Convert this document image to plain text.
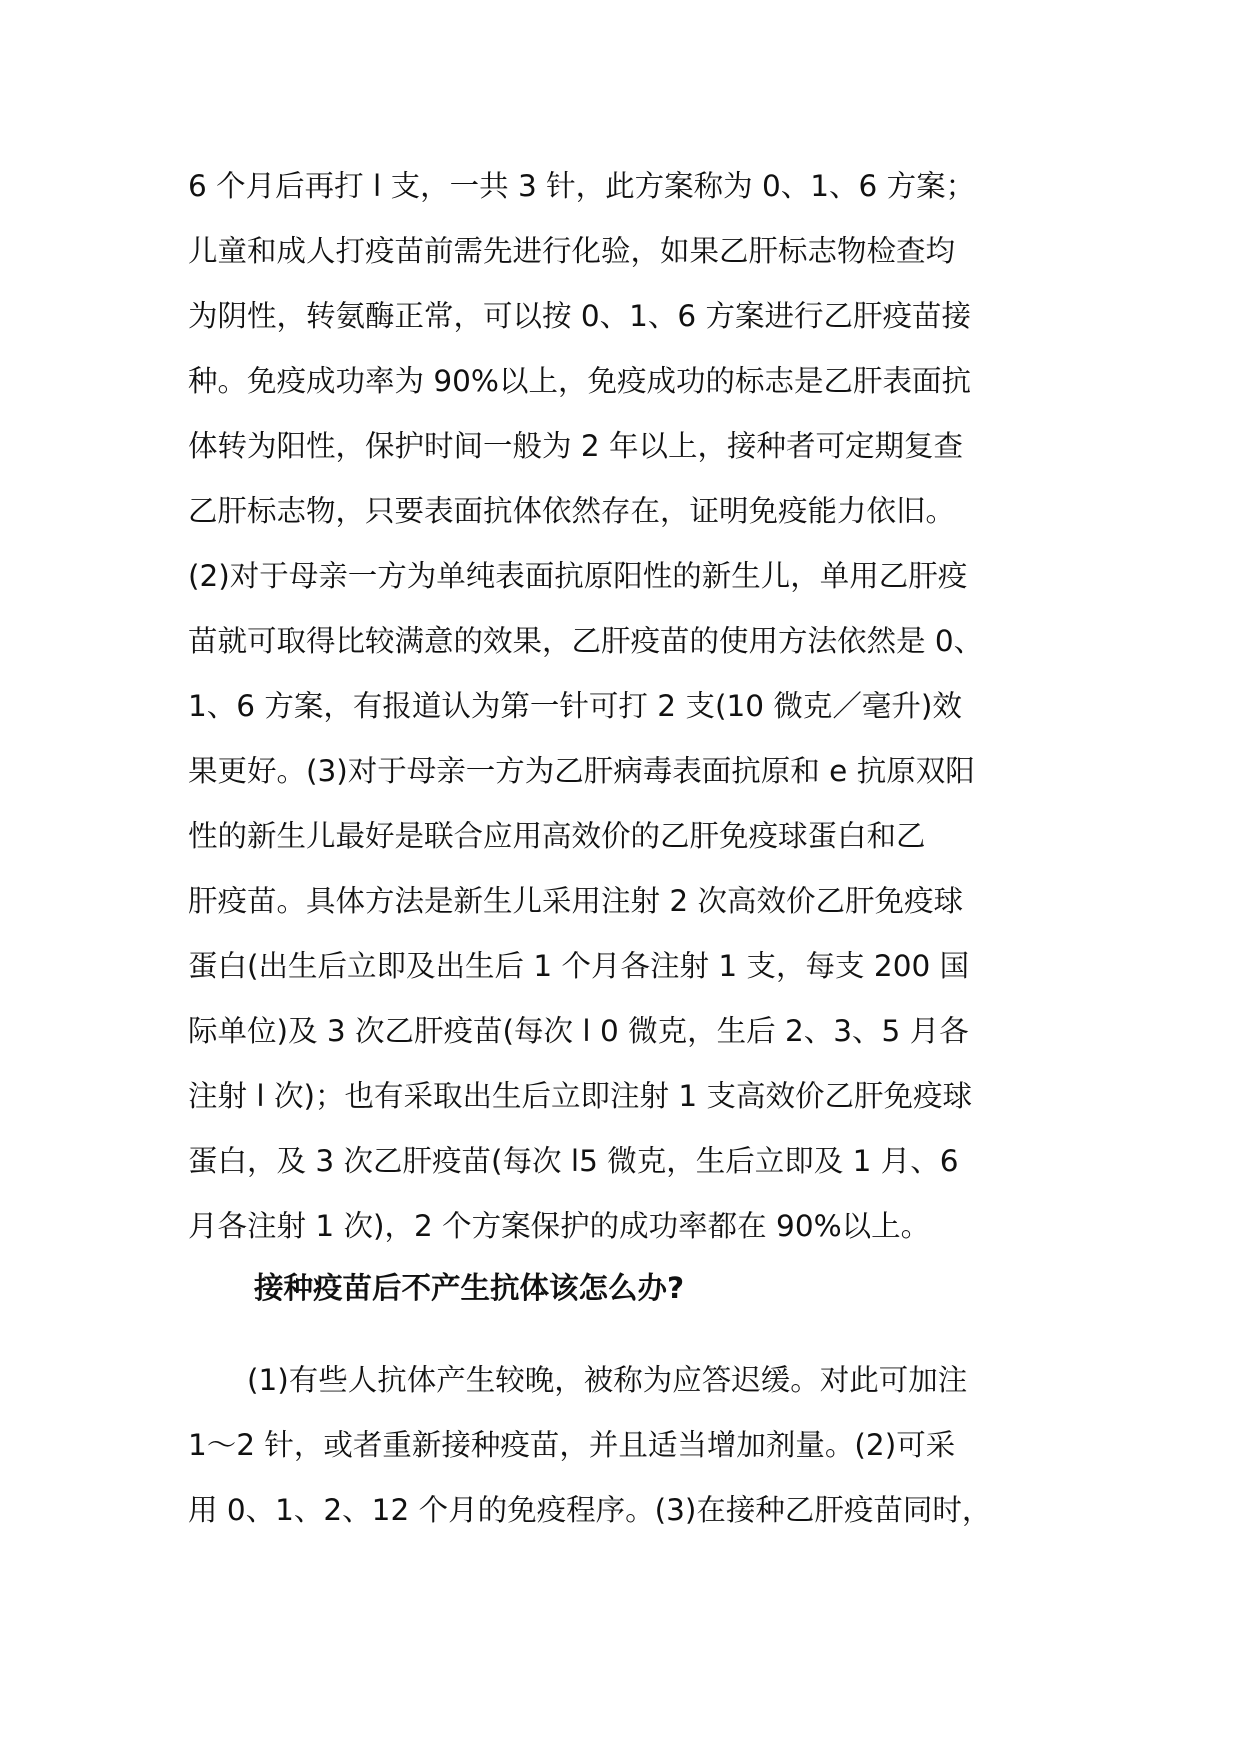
6 个月后再打 l 支，一共 3 针，此方案称为 0、1、6 方案；
儿童和成人打疫苗前需先进行化验，如果乙肝标志物检查均
为阴性，转氨酶正常，可以按 0、1、6 方案进行乙肝疫苗接
种。免疫成功率为 90%以上，免疫成功的标志是乙肝表面抗
体转为阳性，保护时间一般为 2 年以上，接种者可定期复查
乙肝标志物，只要表面抗体依然存在，证明免疫能力依旧。
(2)对于母亲一方为单纯表面抗原阳性的新生儿，单用乙肝疫
苗就可取得比较满意的效果，乙肝疫苗的使用方法依然是 0、
1、6 方案，有报道认为第一针可打 2 支(10 微克／毫升)效
果更好。(3)对于母亲一方为乙肝病毒表面抗原和 e 抗原双阳
性的新生儿最好是联合应用高效价的乙肝免疫球蛋白和乙
肝疫苗。具体方法是新生儿采用注射 2 次高效价乙肝免疫球
蛋白(出生后立即及出生后 1 个月各注射 1 支，每支 200 国
际单位)及 3 次乙肝疫苗(每次 l 0 微克，生后 2、3、5 月各
注射 l 次)；也有采取出生后立即注射 1 支高效价乙肝免疫球
蛋白，及 3 次乙肝疫苗(每次 l5 微克，生后立即及 1 月、6
月各注射 1 次)，2 个方案保护的成功率都在 90%以上。
接种疫苗后不产生抗体该怎么办?
　　(1)有些人抗体产生较晚，被称为应答迟缓。对此可加注
1～2 针，或者重新接种疫苗，并且适当增加剂量。(2)可采
用 0、1、2、12 个月的免疫程序。(3)在接种乙肝疫苗同时，
